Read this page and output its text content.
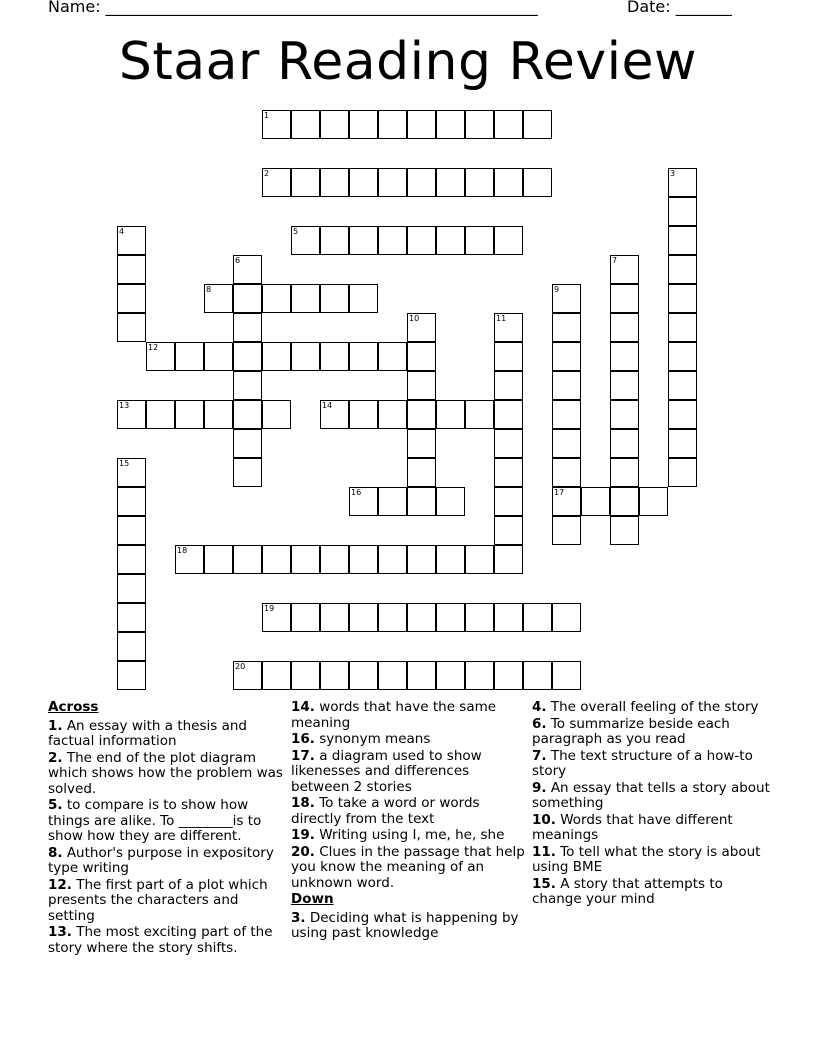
Name: ______________________________________________________	Date: _______
Staar Reading Review
1
2	3
4	5
6	7
8	9
17
10	11
12
13	14
15
16
18
19
20
Across
1. An essay with a thesis and factual information
2. The end of the plot diagram which shows how the problem was solved.
5. to compare is to show how things are alike. To ________is to show how they are different.
8. Author's purpose in expository type writing
12. The first part of a plot which presents the characters and setting
13. The most exciting part of the story where the story shifts.
14. words that have the same meaning
16. synonym means
17. a diagram used to show likenesses and differences between 2 stories
18. To take a word or words directly from the text
19. Writing using I, me, he, she
20. Clues in the passage that help you know the meaning of an unknown word.
Down
3. Deciding what is happening by using past knowledge
4. The overall feeling of the story
6. To summarize beside each paragraph as you read
7. The text structure of a how-to story
9. An essay that tells a story about something
10. Words that have different meanings
11. To tell what the story is about using BME
15. A story that attempts to change your mind
